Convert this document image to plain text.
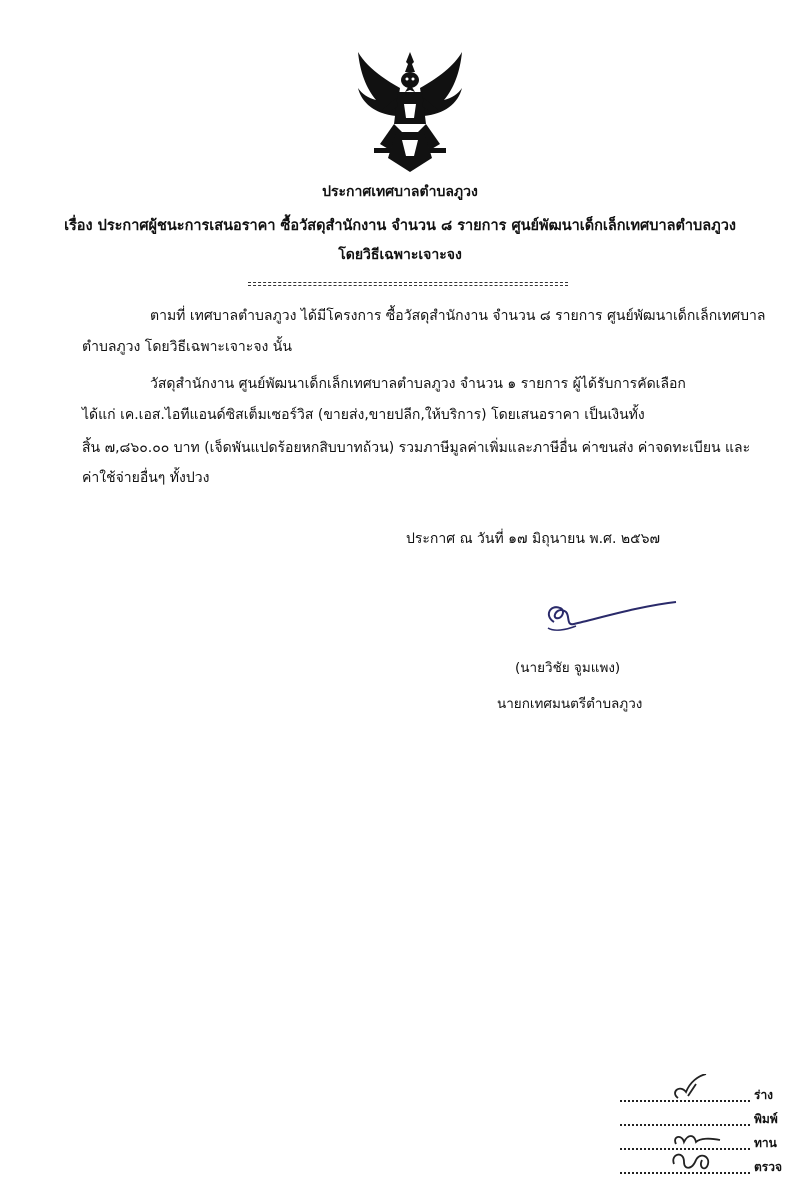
ประกาศเทศบาลตำบลภูวง
เรื่อง ประกาศผู้ชนะการเสนอราคา ซื้อวัสดุสำนักงาน จำนวน ๘ รายการ ศูนย์พัฒนาเด็กเล็กเทศบาลตำบลภูวง
โดยวิธีเฉพาะเจาะจง
ตามที่ เทศบาลตำบลภูวง ได้มีโครงการ ซื้อวัสดุสำนักงาน จำนวน ๘ รายการ ศูนย์พัฒนาเด็กเล็กเทศบาล
ตำบลภูวง โดยวิธีเฉพาะเจาะจง นั้น
วัสดุสำนักงาน ศูนย์พัฒนาเด็กเล็กเทศบาลตำบลภูวง จำนวน ๑ รายการ ผู้ได้รับการคัดเลือก
ได้แก่ เค.เอส.ไอทีแอนด์ซิสเต็มเซอร์วิส (ขายส่ง,ขายปลีก,ให้บริการ) โดยเสนอราคา เป็นเงินทั้ง
สิ้น ๗,๘๖๐.๐๐ บาท (เจ็ดพันแปดร้อยหกสิบบาทถ้วน) รวมภาษีมูลค่าเพิ่มและภาษีอื่น ค่าขนส่ง ค่าจดทะเบียน และ
ค่าใช้จ่ายอื่นๆ ทั้งปวง
ประกาศ ณ วันที่ ๑๗ มิถุนายน พ.ศ. ๒๕๖๗
(นายวิชัย จูมแพง)
นายกเทศมนตรีตำบลภูวง
ร่าง
พิมพ์
ทาน
ตรวจ
